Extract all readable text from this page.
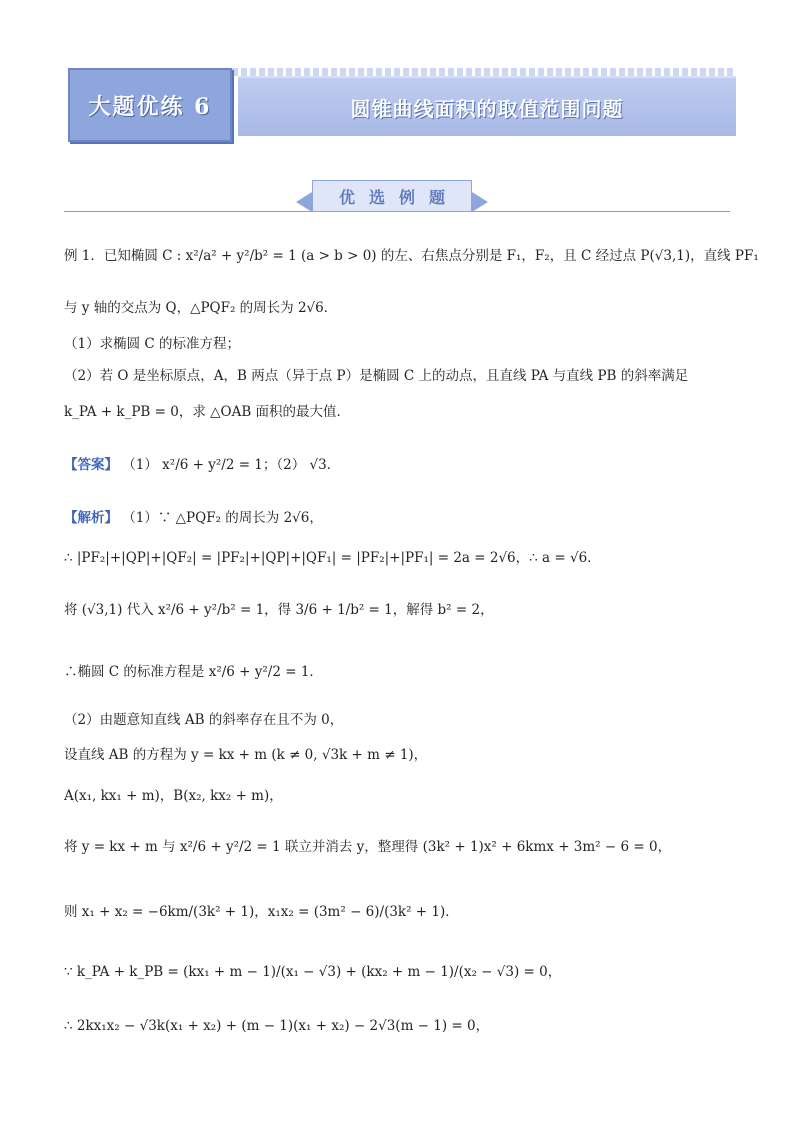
大题优练 6	圆锥曲线面积的取值范围问题
优 选 例 题
例 1．已知椭圆 C : x²/a² + y²/b² = 1 (a > b > 0) 的左、右焦点分别是 F₁，F₂，且 C 经过点 P(√3,1)，直线 PF₁
与 y 轴的交点为 Q，△PQF₂ 的周长为 2√6．
（1）求椭圆 C 的标准方程；
（2）若 O 是坐标原点，A，B 两点（异于点 P）是椭圆 C 上的动点，且直线 PA 与直线 PB 的斜率满足
k_PA + k_PB = 0，求 △OAB 面积的最大值．
【答案】 （1） x²/6 + y²/2 = 1；（2） √3．
【解析】 （1）∵ △PQF₂ 的周长为 2√6，
∴ |PF₂|+|QP|+|QF₂| = |PF₂|+|QP|+|QF₁| = |PF₂|+|PF₁| = 2a = 2√6，∴ a = √6．
将 (√3,1) 代入 x²/6 + y²/b² = 1，得 3/6 + 1/b² = 1，解得 b² = 2，
∴椭圆 C 的标准方程是 x²/6 + y²/2 = 1．
（2）由题意知直线 AB 的斜率存在且不为 0，
设直线 AB 的方程为 y = kx + m (k ≠ 0, √3k + m ≠ 1)，
A(x₁, kx₁ + m)，B(x₂, kx₂ + m)，
将 y = kx + m 与 x²/6 + y²/2 = 1 联立并消去 y，整理得 (3k² + 1)x² + 6kmx + 3m² − 6 = 0，
则 x₁ + x₂ = −6km/(3k² + 1)，x₁x₂ = (3m² − 6)/(3k² + 1)．
∵ k_PA + k_PB = (kx₁ + m − 1)/(x₁ − √3) + (kx₂ + m − 1)/(x₂ − √3) = 0，
∴ 2kx₁x₂ − √3k(x₁ + x₂) + (m − 1)(x₁ + x₂) − 2√3(m − 1) = 0，
